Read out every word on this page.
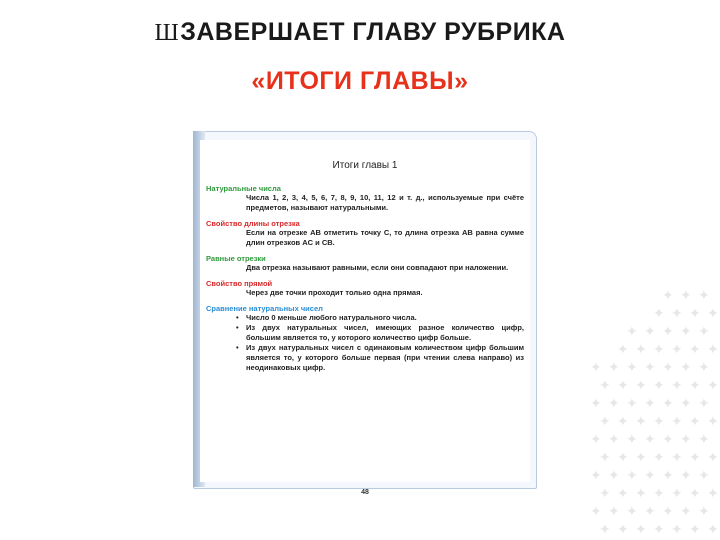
ШЗАВЕРШАЕТ ГЛАВУ РУБРИКА
«ИТОГИ ГЛАВЫ»
Итоги главы 1
Натуральные числа
Числа 1, 2, 3, 4, 5, 6, 7, 8, 9, 10, 11, 12 и т. д., используемые при счёте предметов, называют натуральными.
Свойство длины отрезка
Если на отрезке AB отметить точку C, то длина отрезка AB равна сумме длин отрезков AC и CB.
Равные отрезки
Два отрезка называют равными, если они совпадают при наложении.
Свойство прямой
Через две точки проходит только одна прямая.
Сравнение натуральных чисел
• Число 0 меньше любого натурального числа.
• Из двух натуральных чисел, имеющих разное количество цифр, большим является то, у которого количество цифр больше.
• Из двух натуральных чисел с одинаковым количеством цифр большим является то, у которого больше первая (при чтении слева направо) из неодинаковых цифр.
48
✦ ✦ ✦
✦ ✦ ✦ ✦
✦ ✦ ✦ ✦ ✦
✦ ✦ ✦ ✦ ✦ ✦
✦ ✦ ✦ ✦ ✦ ✦ ✦
✦ ✦ ✦ ✦ ✦ ✦ ✦
✦ ✦ ✦ ✦ ✦ ✦ ✦
✦ ✦ ✦ ✦ ✦ ✦ ✦
✦ ✦ ✦ ✦ ✦ ✦ ✦
✦ ✦ ✦ ✦ ✦ ✦ ✦
✦ ✦ ✦ ✦ ✦ ✦ ✦
✦ ✦ ✦ ✦ ✦ ✦ ✦
✦ ✦ ✦ ✦ ✦ ✦ ✦
✦ ✦ ✦ ✦ ✦ ✦ ✦
